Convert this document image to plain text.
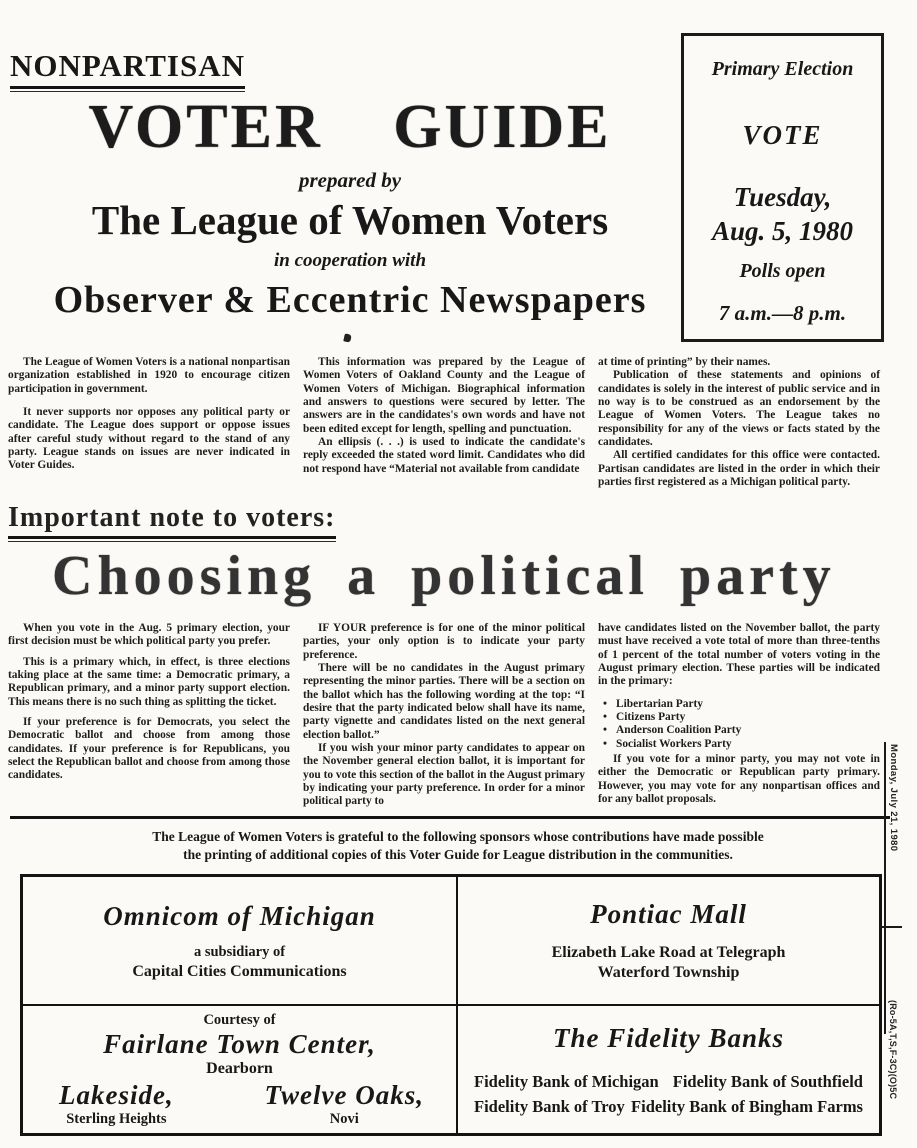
NONPARTISAN
VOTER GUIDE
prepared by
The League of Women Voters
in cooperation with
Observer & Eccentric Newspapers
Primary Election
VOTE
Tuesday,
Aug. 5, 1980
Polls open
7 a.m.—8 p.m.

The League of Women Voters is a national nonpartisan organization established in 1920 to encourage citizen participation in government.

It never supports nor opposes any political party or candidate. The League does support or oppose issues after careful study without regard to the stand of any party. League stands on issues are never indicated in Voter Guides.

This information was prepared by the League of Women Voters of Oakland County and the League of Women Voters of Michigan. Biographical information and answers to questions were secured by letter. The answers are in the candidates's own words and have not been edited except for length, spelling and punctuation.

An ellipsis (. . .) is used to indicate the candidate's reply exceeded the stated word limit. Candidates who did not respond have “Material not available from candidate

at time of printing” by their names.

Publication of these statements and opinions of candidates is solely in the interest of public service and in no way is to be construed as an endorsement by the League of Women Voters. The League takes no responsibility for any of the views or facts stated by the candidates.

All certified candidates for this office were contacted. Partisan candidates are listed in the order in which their parties first registered as a Michigan political party.

Important note to voters:
Choosing a political party

When you vote in the Aug. 5 primary election, your first decision must be which political party you prefer.

This is a primary which, in effect, is three elections taking place at the same time: a Democratic primary, a Republican primary, and a minor party support election. This means there is no such thing as splitting the ticket.

If your preference is for Democrats, you select the Democratic ballot and choose from among those candidates. If your preference is for Republicans, you select the Republican ballot and choose from among those candidates.

IF YOUR preference is for one of the minor political parties, your only option is to indicate your party preference.

There will be no candidates in the August primary representing the minor parties. There will be a section on the ballot which has the following wording at the top: “I desire that the party indicated below shall have its name, party vignette and candidates listed on the next general election ballot.”

If you wish your minor party candidates to appear on the November general election ballot, it is important for you to vote this section of the ballot in the August primary by indicating your party preference. In order for a minor political party to

have candidates listed on the November ballot, the party must have received a vote total of more than three-tenths of 1 percent of the total number of voters voting in the August primary election. These parties will be indicated in the primary:

• Libertarian Party
• Citizens Party
• Anderson Coalition Party
• Socialist Workers Party

If you vote for a minor party, you may not vote in either the Democratic or Republican party primary. However, you may vote for any nonpartisan offices and for any ballot proposals.

The League of Women Voters is grateful to the following sponsors whose contributions have made possible
the printing of additional copies of this Voter Guide for League distribution in the communities.
Omnicom of Michigan
a subsidiary of
Capital Cities Communications
Pontiac Mall
Elizabeth Lake Road at Telegraph
Waterford Township
Courtesy of
Fairlane Town Center,
Dearborn
Lakeside,
Sterling Heights
Twelve Oaks,
Novi
The Fidelity Banks
Fidelity Bank of Michigan Fidelity Bank of Southfield
Fidelity Bank of Troy Fidelity Bank of Bingham Farms
Monday, July 21, 1980
(Ro-5A,T,S,F-3C)(O)5C
